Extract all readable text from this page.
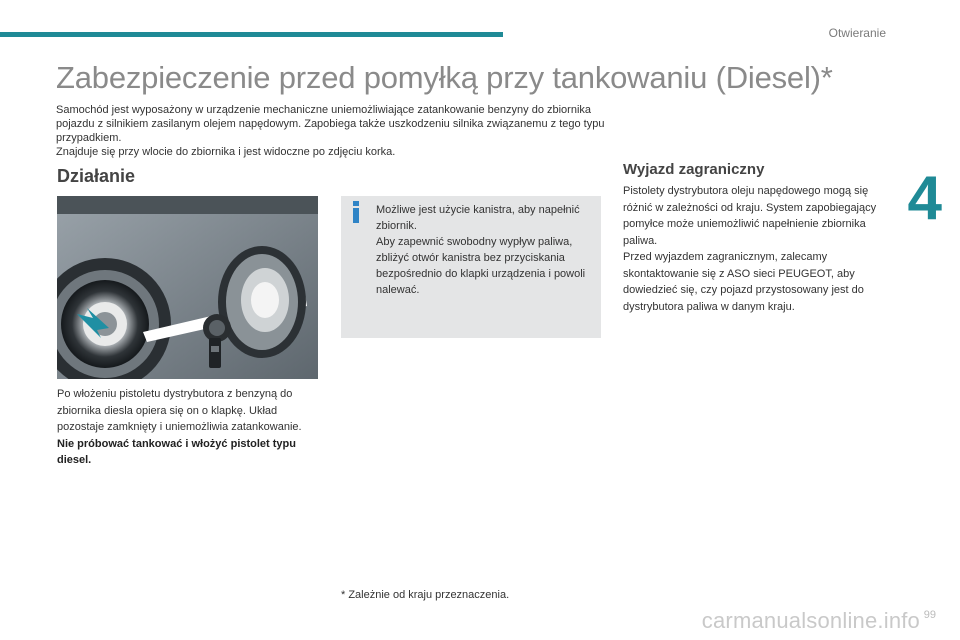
Otwieranie
4
Zabezpieczenie przed pomyłką przy tankowaniu (Diesel)*

Samochód jest wyposażony w urządzenie mechaniczne uniemożliwiające zatankowanie benzyny do zbiornika pojazdu z silnikiem zasilanym olejem napędowym. Zapobiega także uszkodzeniu silnika związanemu z tego typu przypadkiem.

Znajduje się przy wlocie do zbiornika i jest widoczne po zdjęciu korka.

Działanie

Po włożeniu pistoletu dystrybutora z benzyną do zbiornika diesla opiera się on o klapkę. Układ pozostaje zamknięty i uniemożliwia zatankowanie.

Nie próbować tankować i włożyć pistolet typu diesel.

Możliwe jest użycie kanistra, aby napełnić zbiornik.

Aby zapewnić swobodny wypływ paliwa, zbliżyć otwór kanistra bez przyciskania bezpośrednio do klapki urządzenia i powoli nalewać.

Wyjazd zagraniczny

Pistolety dystrybutora oleju napędowego mogą się różnić w zależności od kraju. System zapobiegający pomyłce może uniemożliwić napełnienie zbiornika paliwa.

Przed wyjazdem zagranicznym, zalecamy skontaktowanie się z ASO sieci PEUGEOT, aby dowiedzieć się, czy pojazd przystosowany jest do dystrybutora paliwa w danym kraju.

* Zależnie od kraju przeznaczenia.
carmanualsonline.info 99
